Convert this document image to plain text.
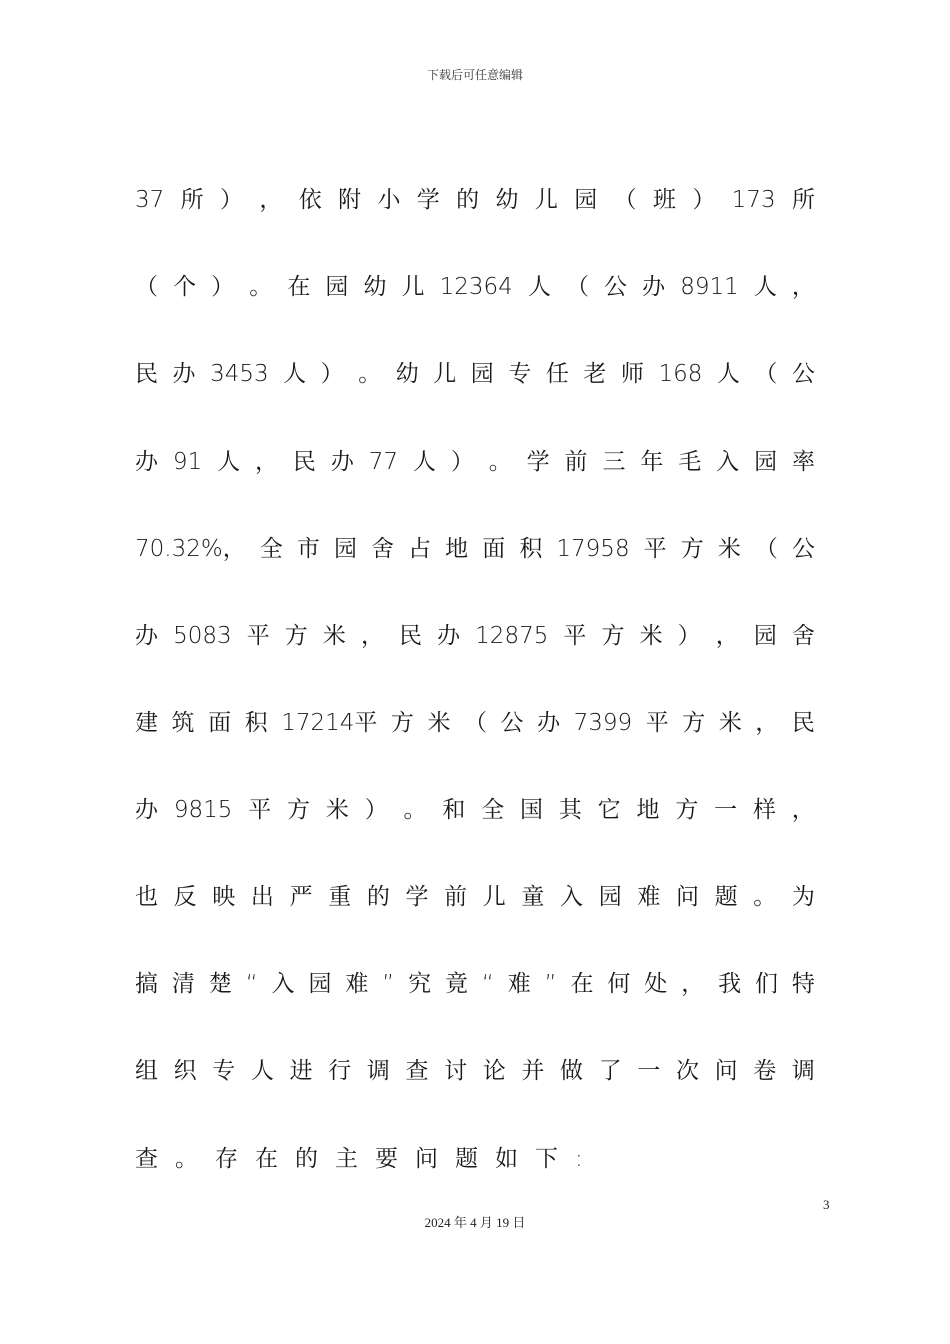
下载后可任意编辑
37 所 ） ， 依 附 小 学 的 幼 儿 园 （ 班 ） 173 所
（ 个 ） 。 在 园 幼 儿 12364 人 （ 公 办 8911 人 ，
民 办 3453 人 ） 。 幼 儿 园 专 任 老 师 168 人 （ 公
办 91 人 ， 民 办 77 人 ） 。 学 前 三 年 毛 入 园 率
70.32%， 全 市 园 舍 占 地 面 积 17958 平 方 米 （ 公
办 5083 平 方 米 ， 民 办 12875 平 方 米 ） ， 园 舍
建 筑 面 积 17214平 方 米 （ 公 办 7399 平 方 米 ， 民
办 9815 平 方 米 ） 。 和 全 国 其 它 地 方 一 样 ，
也 反 映 出 严 重 的 学 前 儿 童 入 园 难 问 题 。 为
搞 清 楚 “ 入 园 难 ” 究 竟 “ 难 ” 在 何 处 ， 我 们 特
组 织 专 人 进 行 调 查 讨 论 并 做 了 一 次 问 卷 调
查 。 存 在 的 主 要 问 题 如 下 :
3
2024 年 4 月 19 日
